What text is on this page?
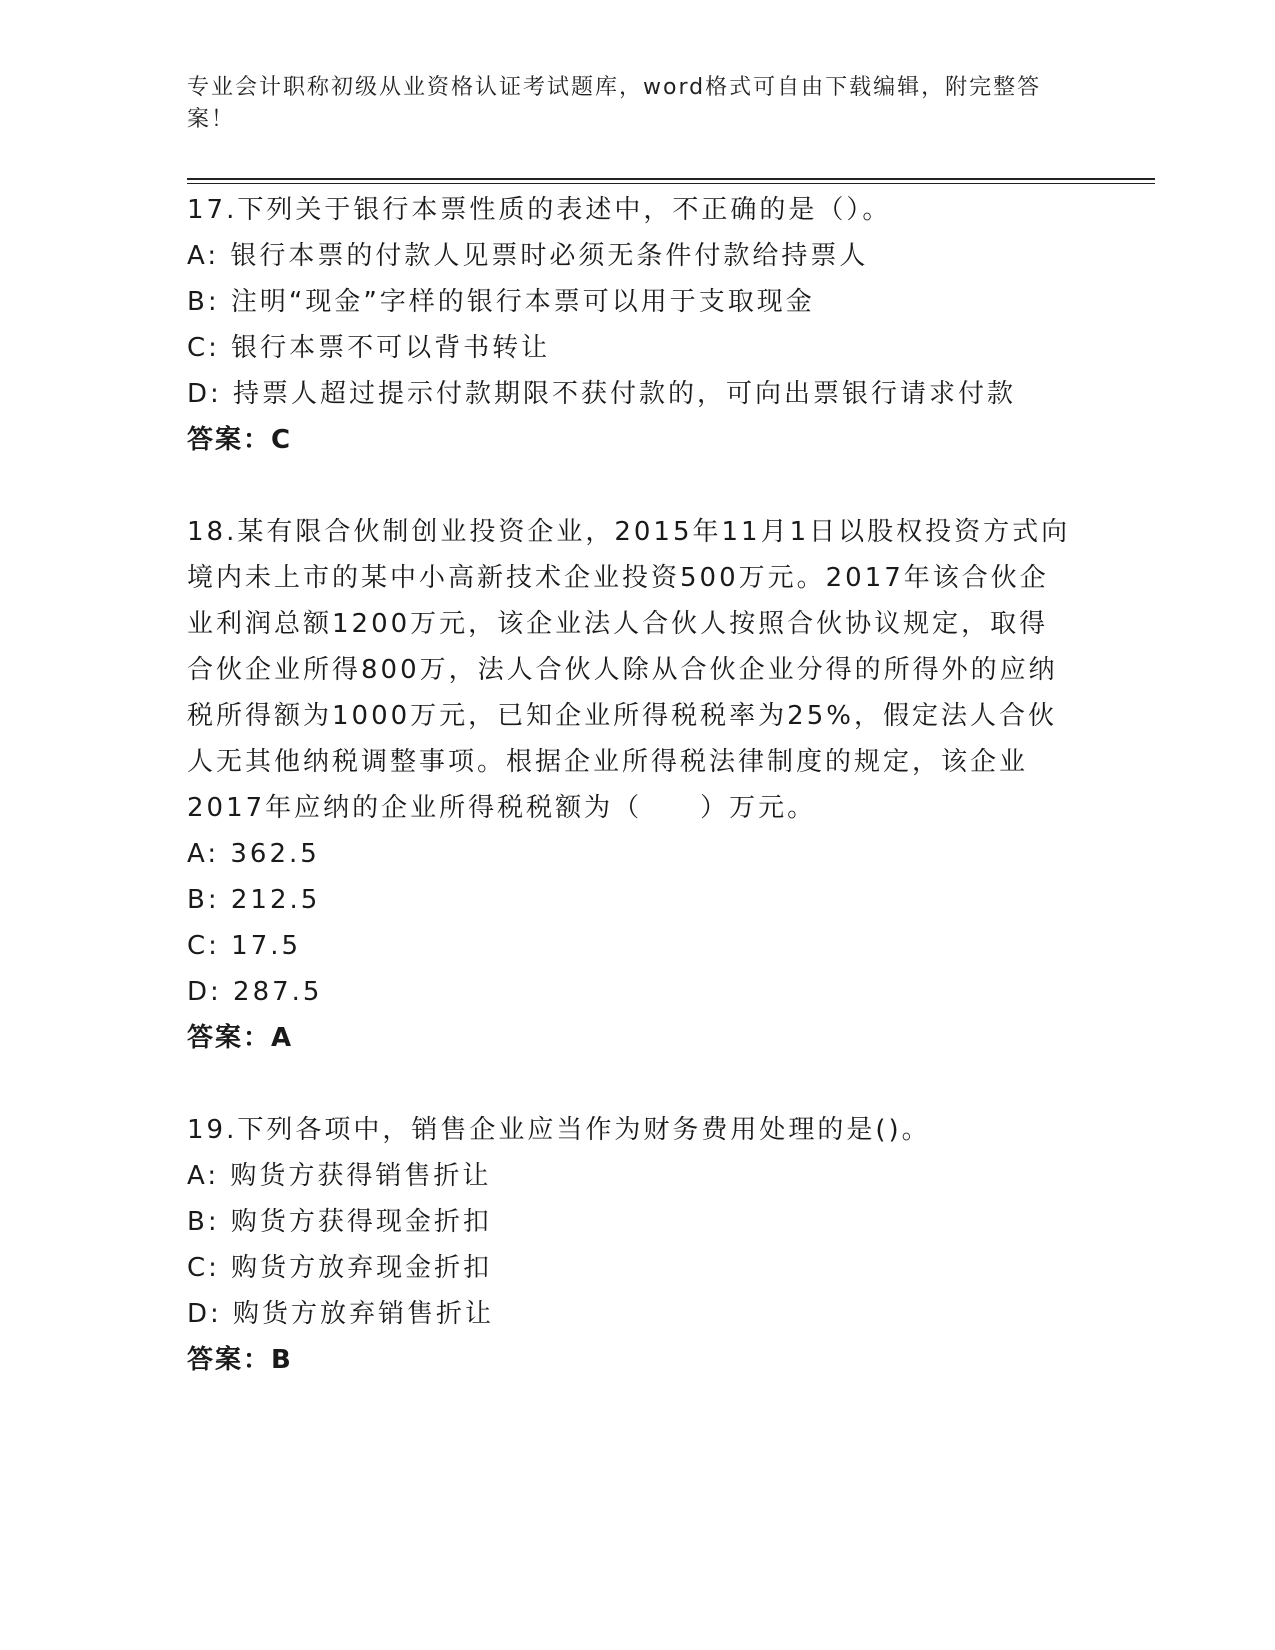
专业会计职称初级从业资格认证考试题库，word格式可自由下载编辑，附完整答案！

17.下列关于银行本票性质的表述中，不正确的是（）。

A: 银行本票的付款人见票时必须无条件付款给持票人

B: 注明“现金”字样的银行本票可以用于支取现金

C: 银行本票不可以背书转让

D: 持票人超过提示付款期限不获付款的，可向出票银行请求付款

答案：C

18.某有限合伙制创业投资企业，2015年11月1日以股权投资方式向境内未上市的某中小高新技术企业投资500万元。2017年该合伙企业利润总额1200万元，该企业法人合伙人按照合伙协议规定，取得合伙企业所得800万，法人合伙人除从合伙企业分得的所得外的应纳税所得额为1000万元，已知企业所得税税率为25%，假定法人合伙人无其他纳税调整事项。根据企业所得税法律制度的规定，该企业2017年应纳的企业所得税税额为（　　）万元。

A: 362.5

B: 212.5

C: 17.5

D: 287.5

答案：A

19.下列各项中，销售企业应当作为财务费用处理的是()。

A: 购货方获得销售折让

B: 购货方获得现金折扣

C: 购货方放弃现金折扣

D: 购货方放弃销售折让

答案：B
